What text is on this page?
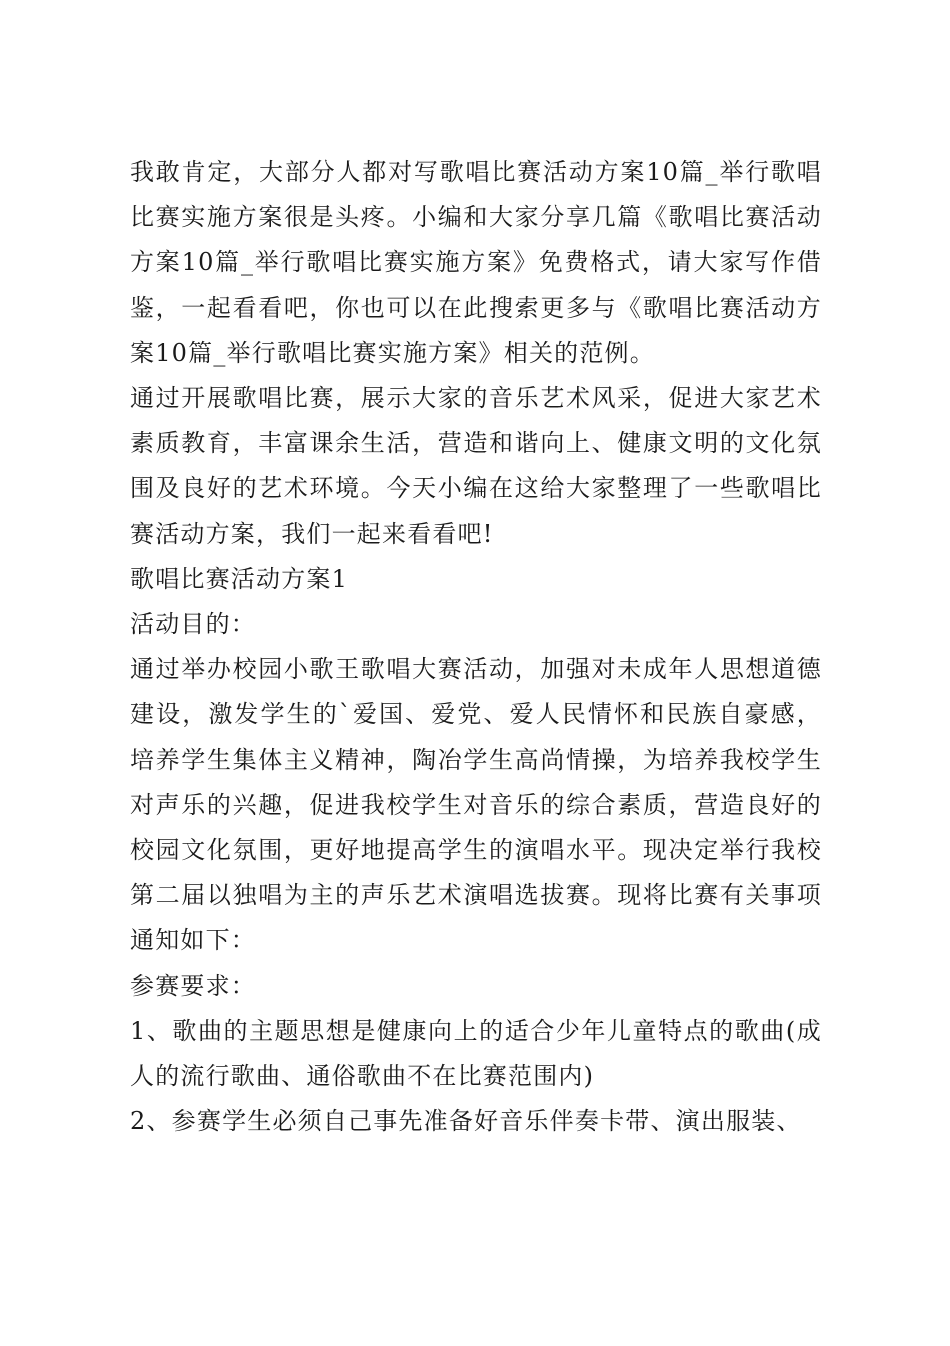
我敢肯定，大部分人都对写歌唱比赛活动方案10篇_举行歌唱比赛实施方案很是头疼。小编和大家分享几篇《歌唱比赛活动方案10篇_举行歌唱比赛实施方案》免费格式，请大家写作借鉴，一起看看吧，你也可以在此搜索更多与《歌唱比赛活动方案10篇_举行歌唱比赛实施方案》相关的范例。

通过开展歌唱比赛，展示大家的音乐艺术风采，促进大家艺术素质教育，丰富课余生活，营造和谐向上、健康文明的文化氛围及良好的艺术环境。今天小编在这给大家整理了一些歌唱比赛活动方案，我们一起来看看吧!

歌唱比赛活动方案1

活动目的：

通过举办校园小歌王歌唱大赛活动，加强对未成年人思想道德建设，激发学生的`爱国、爱党、爱人民情怀和民族自豪感，培养学生集体主义精神，陶冶学生高尚情操，为培养我校学生对声乐的兴趣，促进我校学生对音乐的综合素质，营造良好的校园文化氛围，更好地提高学生的演唱水平。现决定举行我校第二届以独唱为主的声乐艺术演唱选拔赛。现将比赛有关事项通知如下：

参赛要求：

1、歌曲的主题思想是健康向上的适合少年儿童特点的歌曲(成人的流行歌曲、通俗歌曲不在比赛范围内)

2、参赛学生必须自己事先准备好音乐伴奏卡带、演出服装、
